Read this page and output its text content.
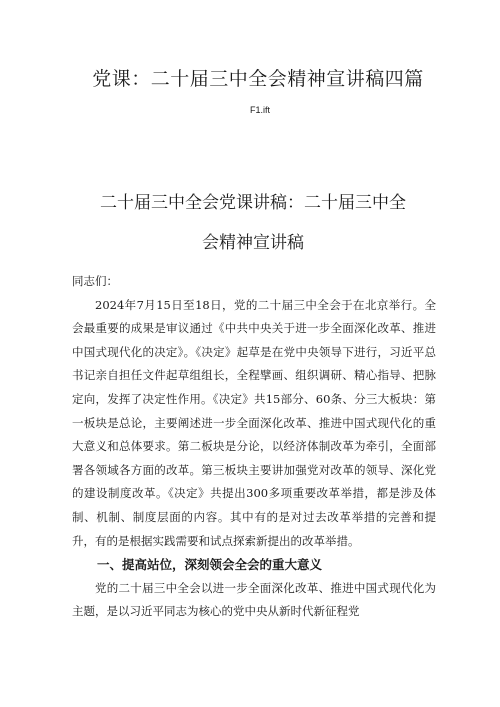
党课：二十届三中全会精神宣讲稿四篇
F1.ift
二十届三中全会党课讲稿：二十届三中全
会精神宣讲稿

同志们：

2024年7月15日至18日，党的二十届三中全会于在北京举行。全会最重要的成果是审议通过《中共中央关于进一步全面深化改革、推进中国式现代化的决定》。《决定》起草是在党中央领导下进行，习近平总书记亲自担任文件起草组组长，全程擘画、组织调研、精心指导、把脉定向，发挥了决定性作用。《决定》共15部分、60条、分三大板块：第一板块是总论，主要阐述进一步全面深化改革、推进中国式现代化的重大意义和总体要求。第二板块是分论，以经济体制改革为牵引，全面部署各领域各方面的改革。第三板块主要讲加强党对改革的领导、深化党的建设制度改革。《决定》共提出300多项重要改革举措，都是涉及体制、机制、制度层面的内容。其中有的是对过去改革举措的完善和提升，有的是根据实践需要和试点探索新提出的改革举措。

一、提高站位，深刻领会全会的重大意义

党的二十届三中全会以进一步全面深化改革、推进中国式现代化为主题，是以习近平同志为核心的党中央从新时代新征程党
